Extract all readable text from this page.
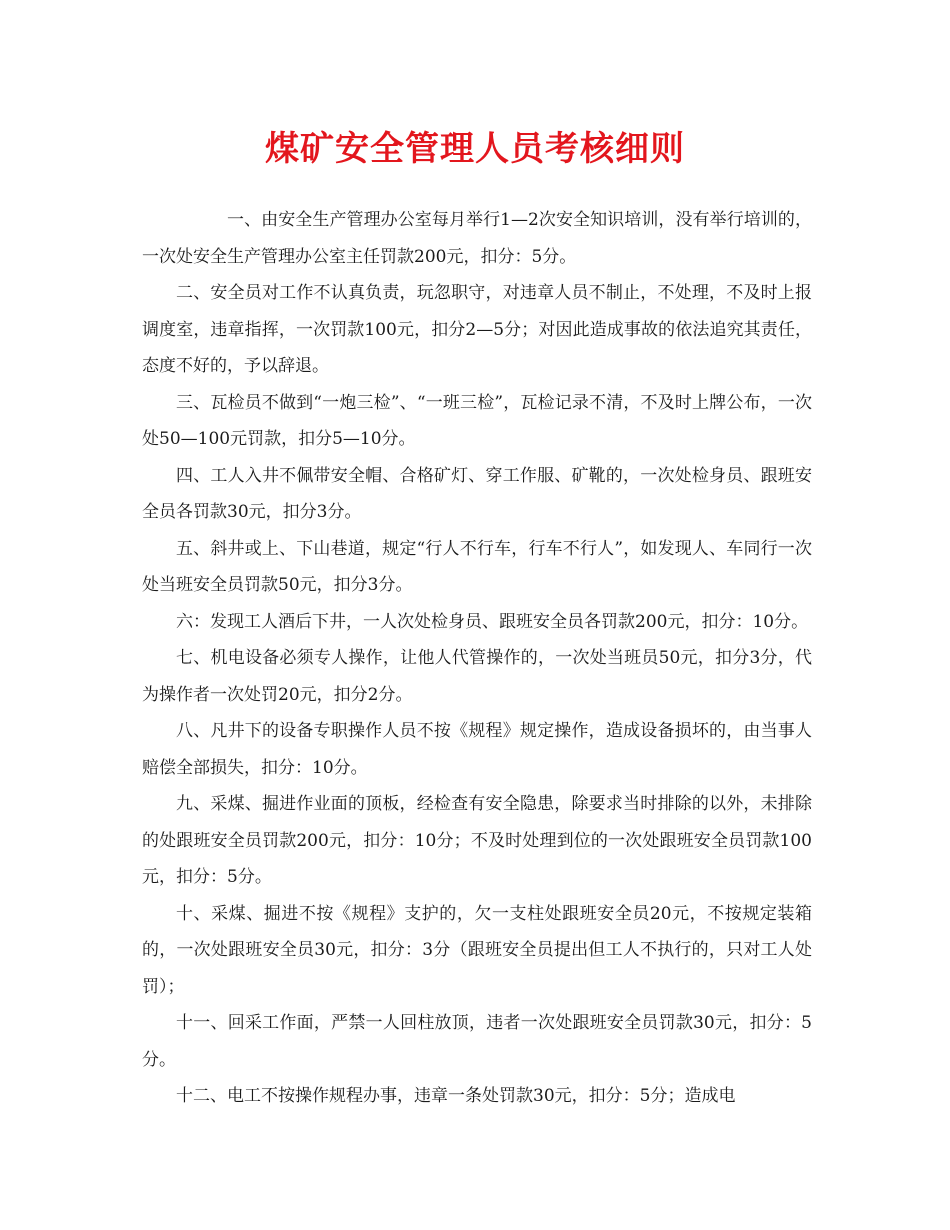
煤矿安全管理人员考核细则

一、由安全生产管理办公室每月举行1—2次安全知识培训，没有举行培训的，一次处安全生产管理办公室主任罚款200元，扣分：5分。

二、安全员对工作不认真负责，玩忽职守，对违章人员不制止，不处理，不及时上报调度室，违章指挥，一次罚款100元，扣分2—5分；对因此造成事故的依法追究其责任，态度不好的，予以辞退。

三、瓦检员不做到“一炮三检”、“一班三检”，瓦检记录不清，不及时上牌公布，一次处50—100元罚款，扣分5—10分。

四、工人入井不佩带安全帽、合格矿灯、穿工作服、矿靴的，一次处检身员、跟班安全员各罚款30元，扣分3分。

五、斜井或上、下山巷道，规定“行人不行车，行车不行人”，如发现人、车同行一次处当班安全员罚款50元，扣分3分。

六：发现工人酒后下井，一人次处检身员、跟班安全员各罚款200元，扣分：10分。

七、机电设备必须专人操作，让他人代管操作的，一次处当班员50元，扣分3分，代为操作者一次处罚20元，扣分2分。

八、凡井下的设备专职操作人员不按《规程》规定操作，造成设备损坏的，由当事人赔偿全部损失，扣分：10分。

九、采煤、掘进作业面的顶板，经检查有安全隐患，除要求当时排除的以外，未排除的处跟班安全员罚款200元，扣分：10分；不及时处理到位的一次处跟班安全员罚款100元，扣分：5分。

十、采煤、掘进不按《规程》支护的，欠一支柱处跟班安全员20元，不按规定装箱的，一次处跟班安全员30元，扣分：3分（跟班安全员提出但工人不执行的，只对工人处罚）；

十一、回采工作面，严禁一人回柱放顶，违者一次处跟班安全员罚款30元，扣分：5分。

十二、电工不按操作规程办事，违章一条处罚款30元，扣分：5分；造成电
